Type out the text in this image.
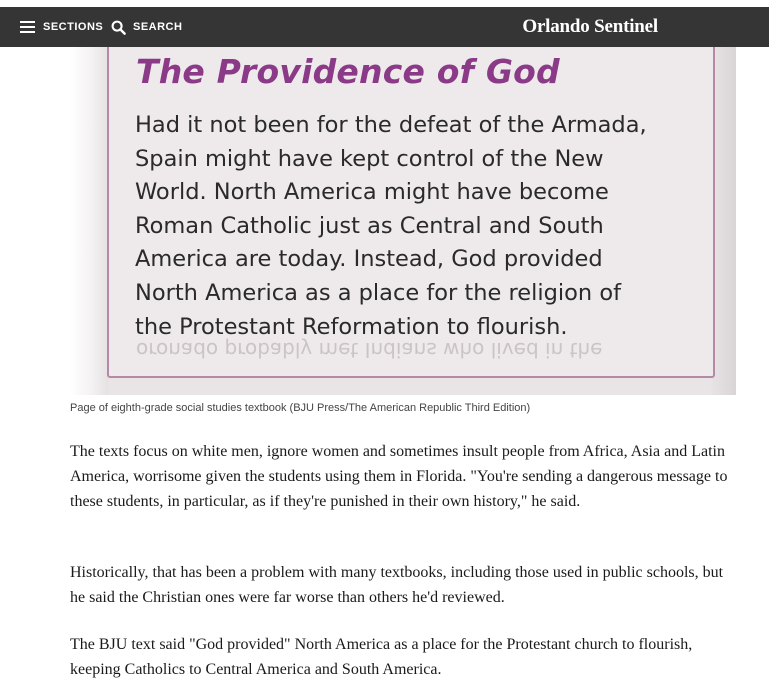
SECTIONS	SEARCH	Orlando Sentinel
oronado probably met Indians who lived in the
The Providence of God
Had it not been for the defeat of the Armada,
Spain might have kept control of the New
World. North America might have become
Roman Catholic just as Central and South
America are today. Instead, God provided
North America as a place for the religion of
the Protestant Reformation to flourish.
Page of eighth-grade social studies textbook (BJU Press/The American Republic Third Edition)

The texts focus on white men, ignore women and sometimes insult people from Africa, Asia and Latin America, worrisome given the students using them in Florida. "You're sending a dangerous message to these students, in particular, as if they're punished in their own history," he said.

Historically, that has been a problem with many textbooks, including those used in public schools, but he said the Christian ones were far worse than others he'd reviewed.

The BJU text said "God provided" North America as a place for the Protestant church to flourish, keeping Catholics to Central America and South America.
